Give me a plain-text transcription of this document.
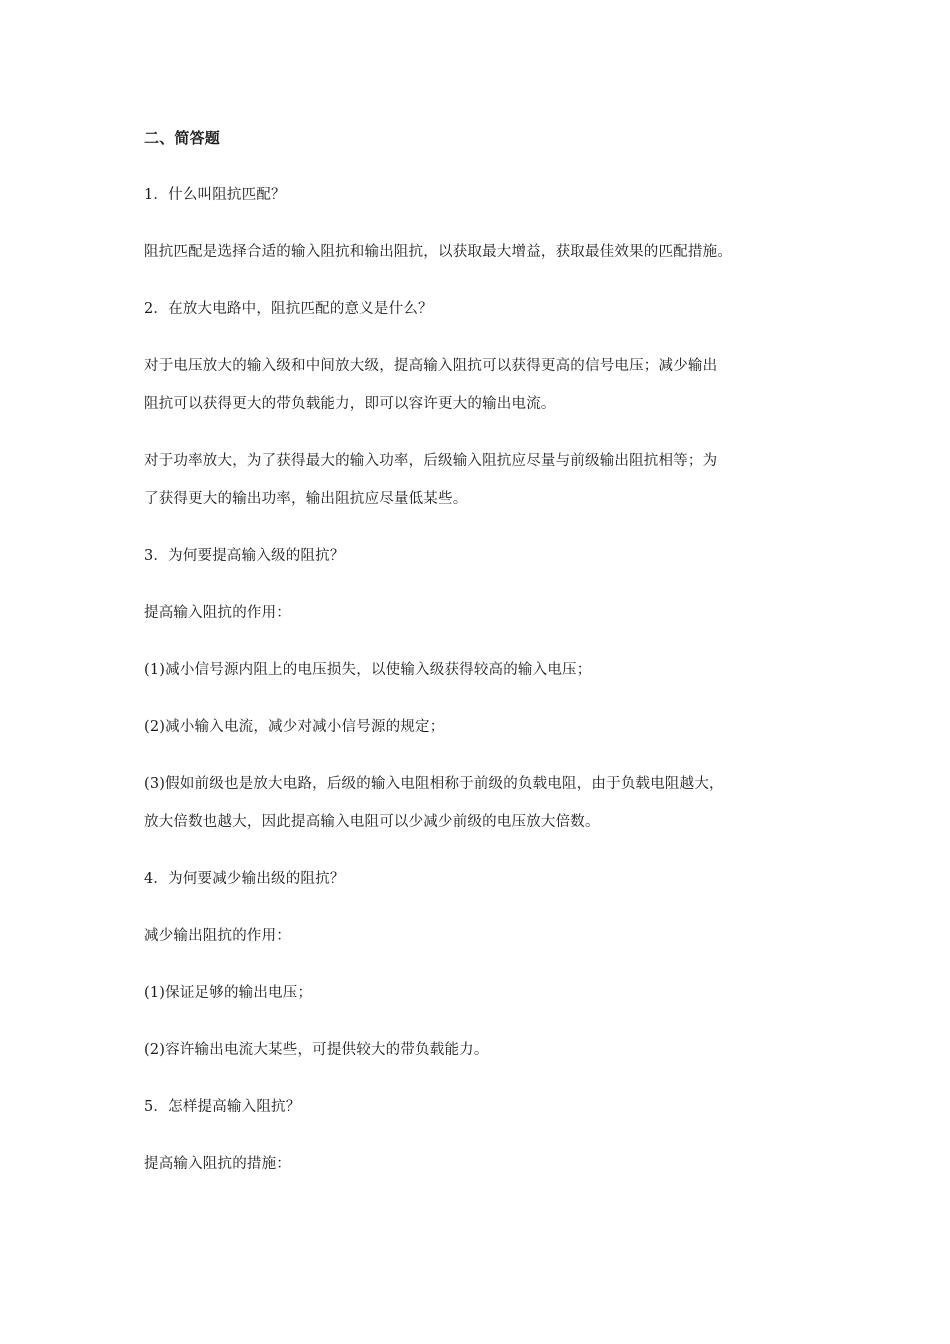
二、简答题
1．什么叫阻抗匹配？
阻抗匹配是选择合适的输入阻抗和输出阻抗，以获取最大增益，获取最佳效果的匹配措施。
2．在放大电路中，阻抗匹配的意义是什么？
对于电压放大的输入级和中间放大级，提高输入阻抗可以获得更高的信号电压；减少输出
阻抗可以获得更大的带负载能力，即可以容许更大的输出电流。
对于功率放大，为了获得最大的输入功率，后级输入阻抗应尽量与前级输出阻抗相等；为
了获得更大的输出功率，输出阻抗应尽量低某些。
3．为何要提高输入级的阻抗？
提高输入阻抗的作用：
(1)减小信号源内阻上的电压损失，以使输入级获得较高的输入电压；
(2)减小输入电流，减少对减小信号源的规定；
(3)假如前级也是放大电路，后级的输入电阻相称于前级的负载电阻，由于负载电阻越大，
放大倍数也越大，因此提高输入电阻可以少减少前级的电压放大倍数。
4．为何要减少输出级的阻抗？
减少输出阻抗的作用：
(1)保证足够的输出电压；
(2)容许输出电流大某些，可提供较大的带负载能力。
5．怎样提高输入阻抗？
提高输入阻抗的措施：
